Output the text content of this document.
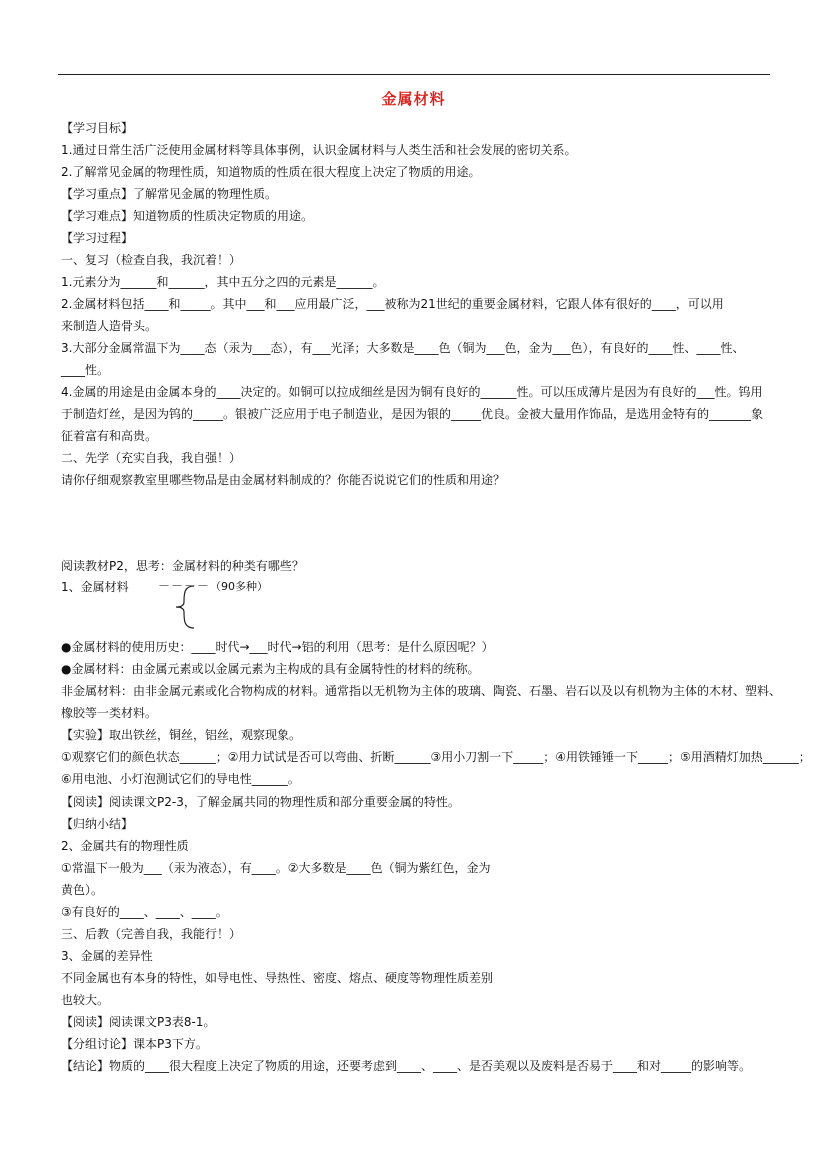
金属材料
【学习目标】
1.通过日常生活广泛使用金属材料等具体事例，认识金属材料与人类生活和社会发展的密切关系。
2.了解常见金属的物理性质，知道物质的性质在很大程度上决定了物质的用途。
【学习重点】了解常见金属的物理性质。
【学习难点】知道物质的性质决定物质的用途。
【学习过程】
一、复习（检查自我，我沉着！）
1.元素分为______和______，其中五分之四的元素是______。
2.金属材料包括____和_____。其中___和___应用最广泛，___被称为21世纪的重要金属材料，它跟人体有很好的____，可以用
来制造人造骨头。
3.大部分金属常温下为____态（汞为___态），有___光泽；大多数是____色（铜为___色，金为___色），有良好的____性、____性、
____性。
4.金属的用途是由金属本身的____决定的。如铜可以拉成细丝是因为铜有良好的______性。可以压成薄片是因为有良好的___性。钨用
于制造灯丝，是因为钨的_____。银被广泛应用于电子制造业，是因为银的_____优良。金被大量用作饰品，是选用金特有的_______象
征着富有和高贵。
二、先学（充实自我，我自强！）
请你仔细观察教室里哪些物品是由金属材料制成的？你能否说说它们的性质和用途？
阅读教材P2，思考：金属材料的种类有哪些？
1、金属材料
●金属材料的使用历史：____时代→___时代→铝的利用（思考：是什么原因呢？）
●金属材料：由金属元素或以金属元素为主构成的具有金属特性的材料的统称。
非金属材料：由非金属元素或化合物构成的材料。通常指以无机物为主体的玻璃、陶瓷、石墨、岩石以及以有机物为主体的木材、塑料、
橡胶等一类材料。
【实验】取出铁丝，铜丝，铝丝，观察现象。
①观察它们的颜色状态______；②用力试试是否可以弯曲、折断______③用小刀割一下_____；④用铁锤锤一下_____；⑤用酒精灯加热______；
⑥用电池、小灯泡测试它们的导电性______。
【阅读】阅读课文P2-3，了解金属共同的物理性质和部分重要金属的特性。
【归纳小结】
2、金属共有的物理性质
①常温下一般为___（汞为液态），有____。②大多数是____色（铜为紫红色，金为
黄色）。
③有良好的____、____、____。
三、后教（完善自我，我能行！）
3、金属的差异性
不同金属也有本身的特性，如导电性、导热性、密度、熔点、硬度等物理性质差别
也较大。
【阅读】阅读课文P3表8-1。
【分组讨论】课本P3下方。
【结论】物质的____很大程度上决定了物质的用途，还要考虑到____、____、是否美观以及废料是否易于____和对_____的影响等。
－－－－ （90多种）
